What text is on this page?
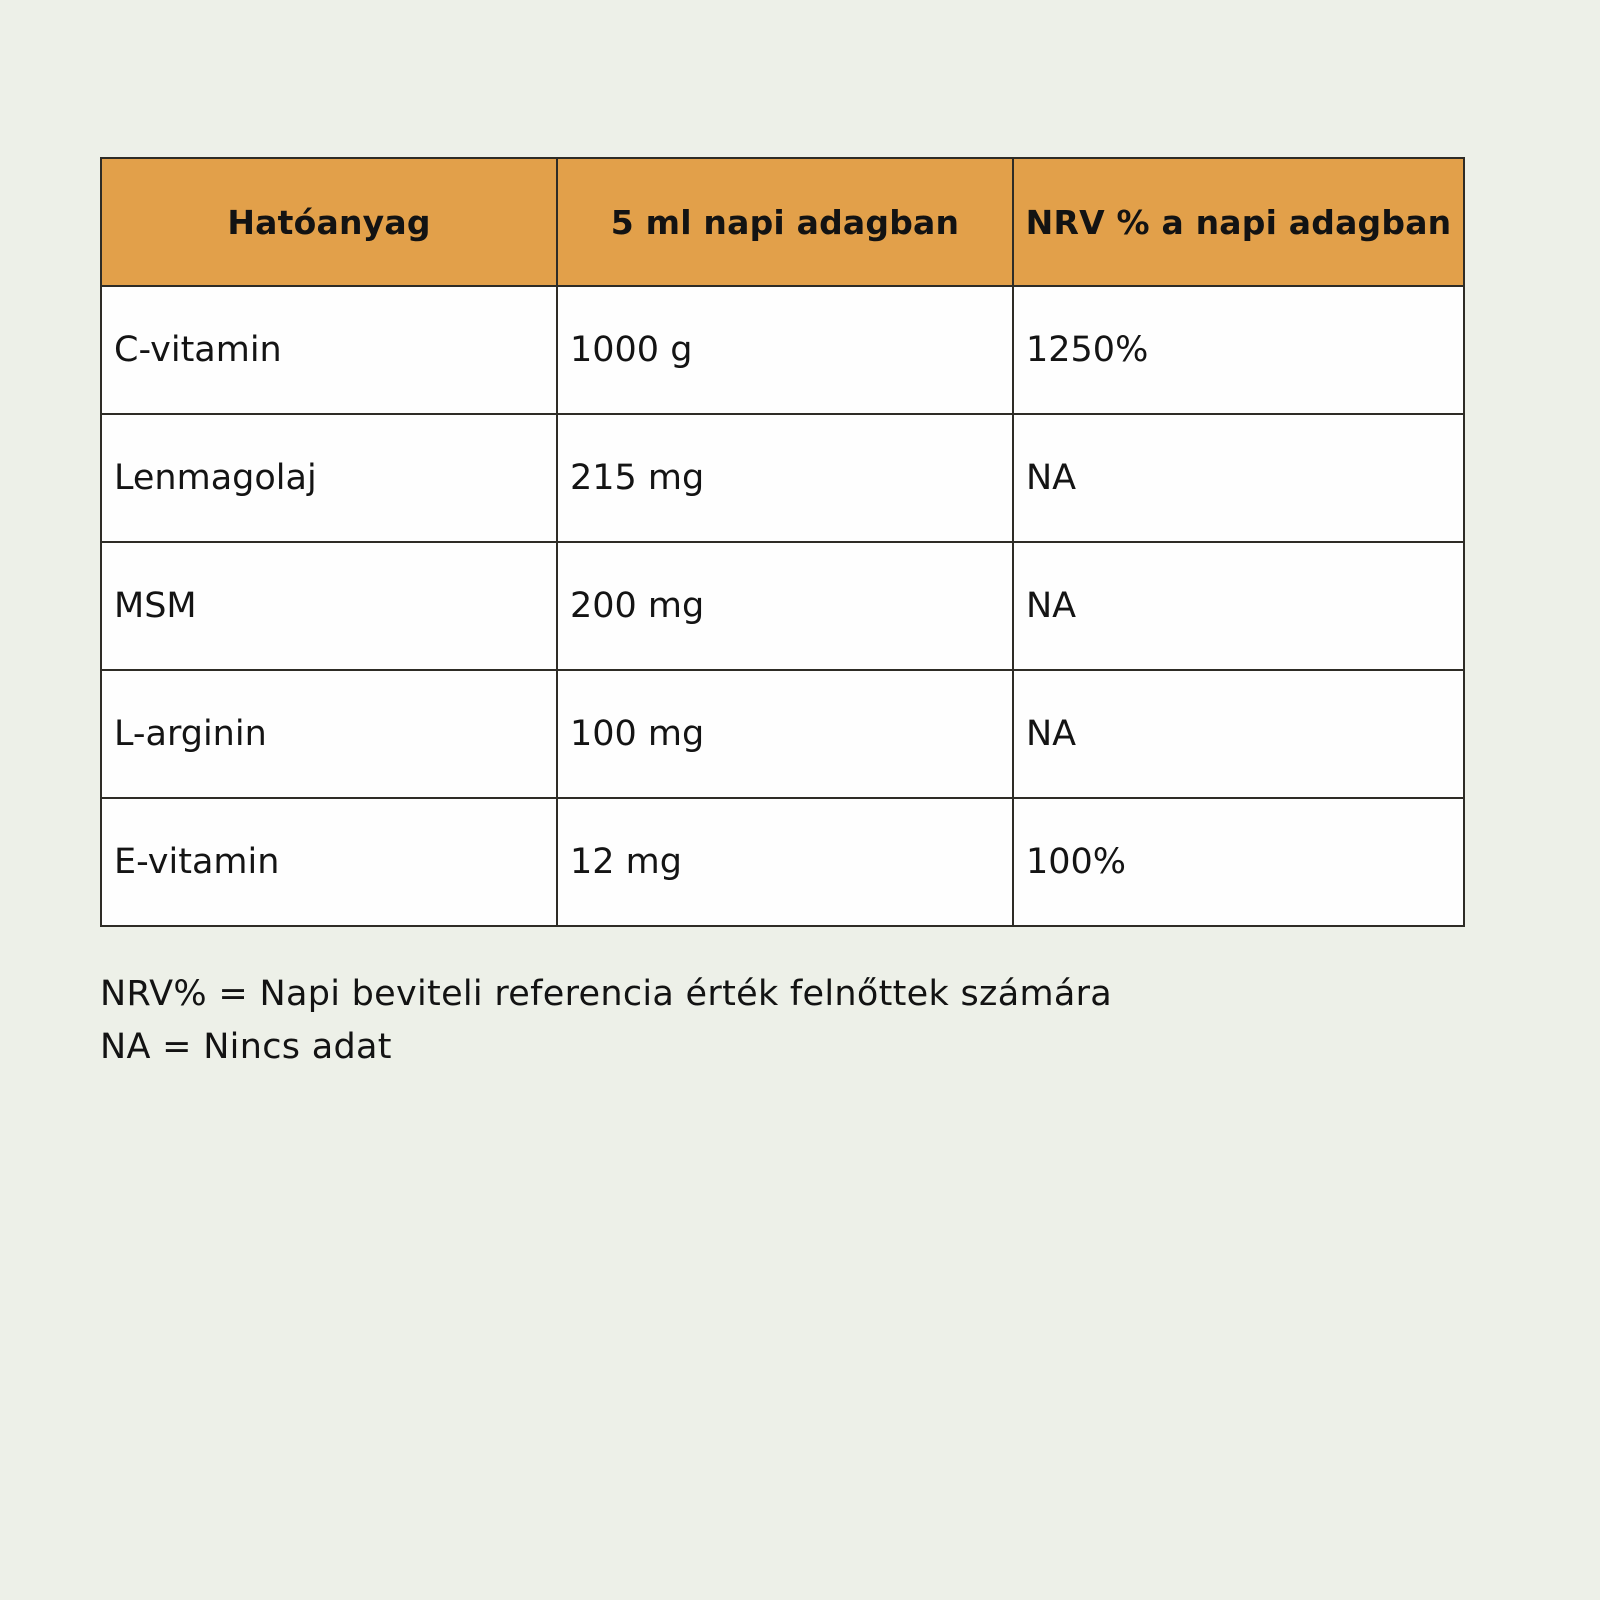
Hatóanyag	5 ml napi adagban	NRV % a napi adagban
C-vitamin	1000 g	1250%
Lenmagolaj	215 mg	NA
MSM	200 mg	NA
L-arginin	100 mg	NA
E-vitamin	12 mg	100%
NRV% = Napi beviteli referencia érték felnőttek számára
NA = Nincs adat
